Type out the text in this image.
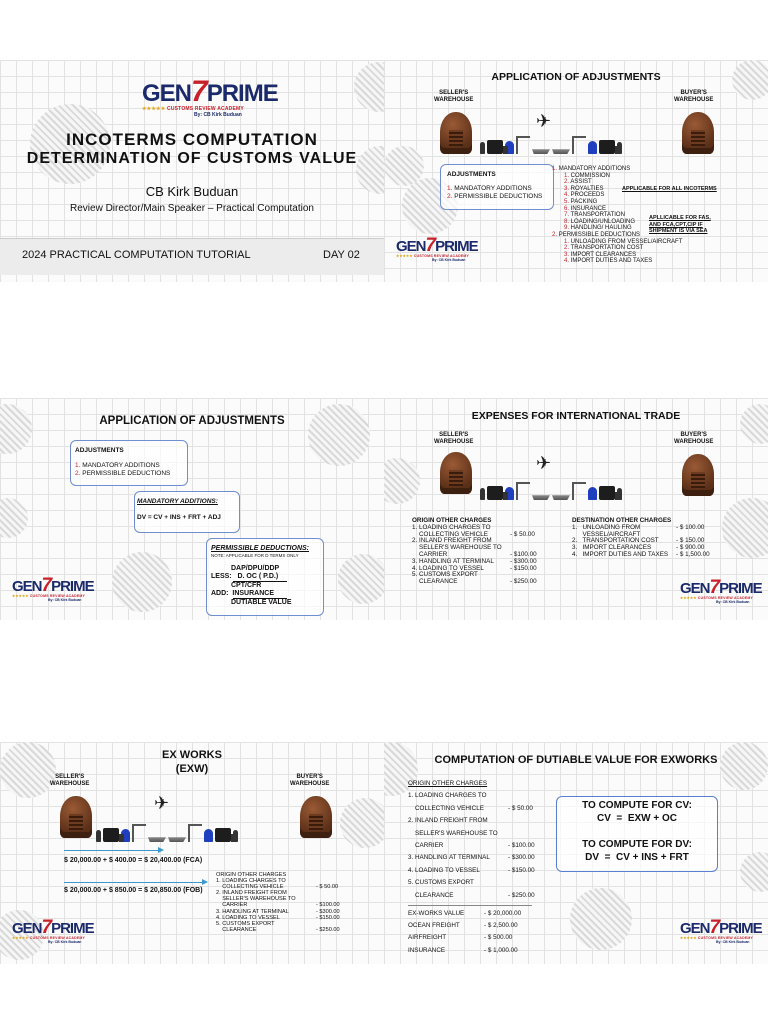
GEN7PRIME
★★★★★ CUSTOMS REVIEW ACADEMY
By: CB Kirk Buduan
INCOTERMS COMPUTATION
DETERMINATION OF CUSTOMS VALUE
CB Kirk Buduan
Review Director/Main Speaker – Practical Computation
2024 PRACTICAL COMPUTATION TUTORIAL	DAY 02
APPLICATION OF ADJUSTMENTS
SELLER'S
WAREHOUSE
BUYER'S
WAREHOUSE
✈
ADJUSTMENTS
1. MANDATORY ADDITIONS
2. PERMISSIBLE DEDUCTIONS
1. MANDATORY ADDITIONS
1. COMMISSION
2. ASSIST
3. ROYALTIES
4. PROCEEDS
5. PACKING
6. INSURANCE
7. TRANSPORTATION
8. LOADING/UNLOADING
9. HANDLING/ HAULING
2. PERMISSIBLE DEDUCTIONS
1. UNLOADING FROM VESSEL/AIRCRAFT
2. TRANSPORTATION COST
3. IMPORT CLEARANCES
4. IMPORT DUTIES AND TAXES
APPLICABLE FOR ALL INCOTERMS
APLLICABLE FOR FAS,
AND FCA,CPT,CIP IF
SHIPMENT IS VIA SEA
GEN7PRIME
★★★★★ CUSTOMS REVIEW ACADEMY
By: CB Kirk Buduan
APPLICATION OF ADJUSTMENTS
ADJUSTMENTS
1. MANDATORY ADDITIONS
2. PERMISSIBLE DEDUCTIONS
MANDATORY ADDITIONS:
DV = CV + INS + FRT + ADJ
PERMISSIBLE DEDUCTIONS:
NOTE: APPLICABLE FOR D TERMS ONLY
DAP/DPU/DDP
LESS:   D. OC ( P.D.)
CPT/CFR
ADD:  INSURANCE
DUTIABLE VALUE
GEN7PRIME
★★★★★ CUSTOMS REVIEW ACADEMY
By: CB Kirk Buduan
EXPENSES FOR INTERNATIONAL TRADE
SELLER'S
WAREHOUSE
BUYER'S
WAREHOUSE
✈
ORIGIN OTHER CHARGES
1. LOADING CHARGES TO
COLLECTING VEHICLE	- $ 50.00
2. INLAND FREIGHT FROM
SELLER'S WAREHOUSE TO
CARRIER	- $100.00
3. HANDLING AT TERMINAL	- $300.00
4. LOADING TO VESSEL	- $150.00
5. CUSTOMS EXPORT
CLEARANCE	- $250.00
DESTINATION OTHER CHARGES
1.   UNLOADING FROM	- $ 100.00
VESSEL/AIRCRAFT
2.   TRANSPORTATION COST	- $ 150.00
3.   IMPORT CLEARANCES	- $ 900.00
4.   IMPORT DUTIES AND TAXES	- $ 1,500.00
GEN7PRIME
★★★★★ CUSTOMS REVIEW ACADEMY
By: CB Kirk Buduan
EX WORKS
(EXW)
SELLER'S
WAREHOUSE
BUYER'S
WAREHOUSE
✈
$ 20,000.00 + $ 400.00 = $ 20,400.00 (FCA)
$ 20,000.00 + $ 850.00 = $ 20,850.00 (FOB)
ORIGIN OTHER CHARGES
1. LOADING CHARGES TO
COLLECTING VEHICLE	- $ 50.00
2. INLAND FREIGHT FROM
SELLER'S WAREHOUSE TO
CARRIER	- $100.00
3. HANDLING AT TERMINAL	- $300.00
4. LOADING TO VESSEL	- $150.00
5. CUSTOMS EXPORT
CLEARANCE	- $250.00
GEN7PRIME
★★★★★ CUSTOMS REVIEW ACADEMY
By: CB Kirk Buduan
COMPUTATION OF DUTIABLE VALUE FOR EXWORKS
ORIGIN OTHER CHARGES
1. LOADING CHARGES TO
COLLECTING VEHICLE	- $ 50.00
2. INLAND FREIGHT FROM
SELLER'S WAREHOUSE TO
CARRIER	- $100.00
3. HANDLING AT TERMINAL	- $300.00
4. LOADING TO VESSEL	- $150.00
5. CUSTOMS EXPORT
CLEARANCE	- $250.00
EX-WORKS VALUE	- $ 20,000.00
OCEAN FREIGHT	- $ 2,500.00
AIRFREIGHT	- $ 500.00
INSURANCE	- $ 1,000.00
TO COMPUTE FOR CV:
CV  =  EXW + OC
TO COMPUTE FOR DV:
DV  =  CV + INS + FRT
GEN7PRIME
★★★★★ CUSTOMS REVIEW ACADEMY
By: CB Kirk Buduan
